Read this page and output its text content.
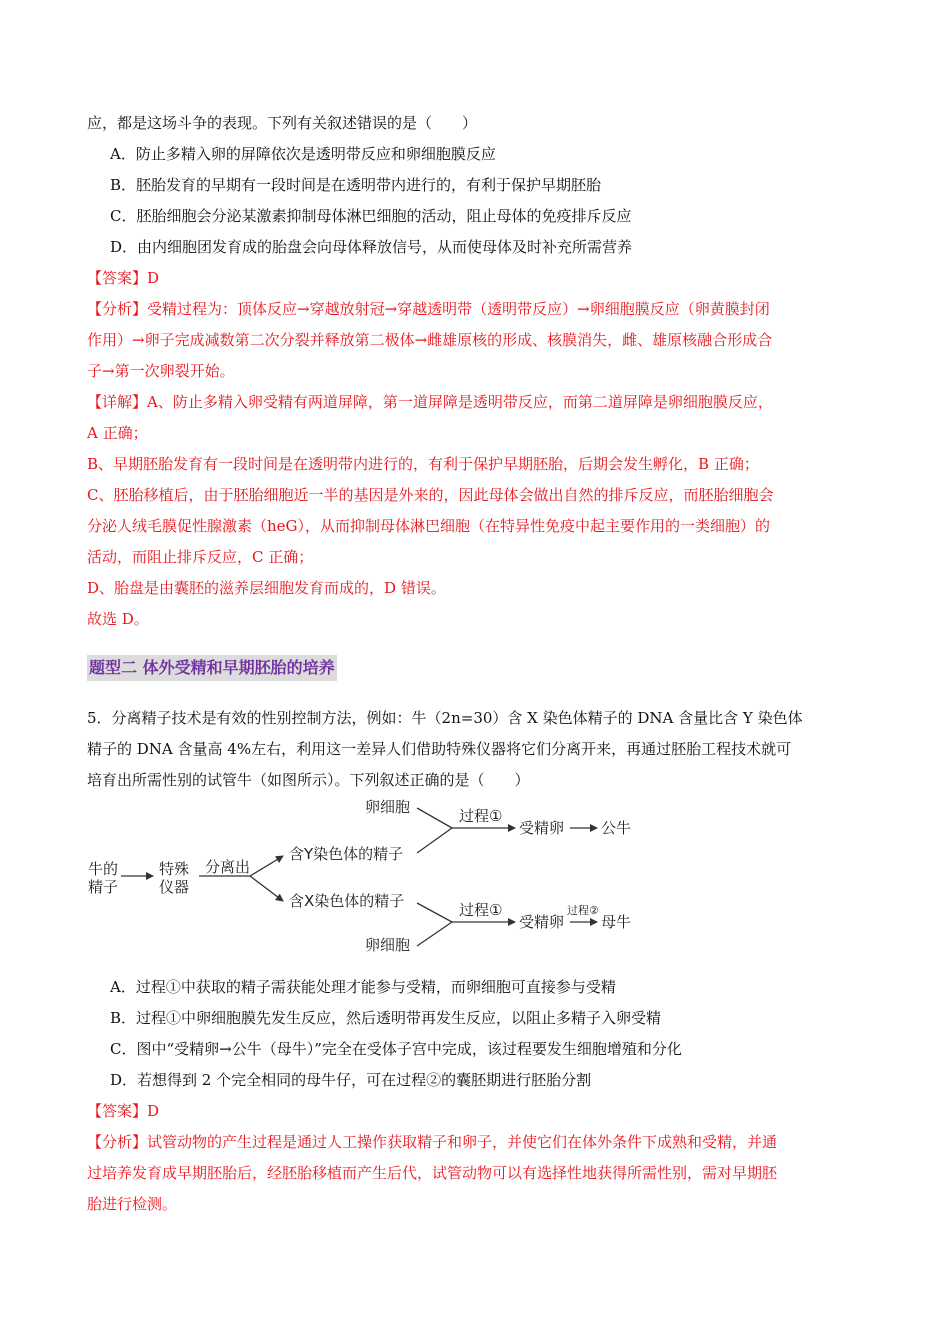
应，都是这场斗争的表现。下列有关叙述错误的是（　　）
A．防止多精入卵的屏障依次是透明带反应和卵细胞膜反应
B．胚胎发育的早期有一段时间是在透明带内进行的，有利于保护早期胚胎
C．胚胎细胞会分泌某激素抑制母体淋巴细胞的活动，阻止母体的免疫排斥反应
D．由内细胞团发育成的胎盘会向母体释放信号，从而使母体及时补充所需营养
【答案】D
【分析】受精过程为：顶体反应→穿越放射冠→穿越透明带（透明带反应）→卵细胞膜反应（卵黄膜封闭
作用）→卵子完成减数第二次分裂并释放第二极体→雌雄原核的形成、核膜消失，雌、雄原核融合形成合
子→第一次卵裂开始。
【详解】A、防止多精入卵受精有两道屏障，第一道屏障是透明带反应，而第二道屏障是卵细胞膜反应，
A 正确；
B、早期胚胎发育有一段时间是在透明带内进行的，有利于保护早期胚胎，后期会发生孵化，B 正确；
C、胚胎移植后，由于胚胎细胞近一半的基因是外来的，因此母体会做出自然的排斥反应，而胚胎细胞会
分泌人绒毛膜促性腺激素（heG），从而抑制母体淋巴细胞（在特异性免疫中起主要作用的一类细胞）的
活动，而阻止排斥反应，C 正确；
D、胎盘是由囊胚的滋养层细胞发育而成的，D 错误。
故选 D。
题型二 体外受精和早期胚胎的培养
5．分离精子技术是有效的性别控制方法，例如：牛（2n=30）含 X 染色体精子的 DNA 含量比含 Y 染色体
精子的 DNA 含量高 4%左右，利用这一差异人们借助特殊仪器将它们分离开来，再通过胚胎工程技术就可
培育出所需性别的试管牛（如图所示）。下列叙述正确的是（　　）
牛的
精子
特殊
仪器
分离出
卵细胞
含Y染色体的精子
含X染色体的精子
卵细胞
过程①
过程①
受精卵
受精卵
过程②
公牛
母牛
A．过程①中获取的精子需获能处理才能参与受精，而卵细胞可直接参与受精
B．过程①中卵细胞膜先发生反应，然后透明带再发生反应，以阻止多精子入卵受精
C．图中“受精卵→公牛（母牛）”完全在受体子宫中完成，该过程要发生细胞增殖和分化
D．若想得到 2 个完全相同的母牛仔，可在过程②的囊胚期进行胚胎分割
【答案】D
【分析】试管动物的产生过程是通过人工操作获取精子和卵子，并使它们在体外条件下成熟和受精，并通
过培养发育成早期胚胎后，经胚胎移植而产生后代，试管动物可以有选择性地获得所需性别，需对早期胚
胎进行检测。
